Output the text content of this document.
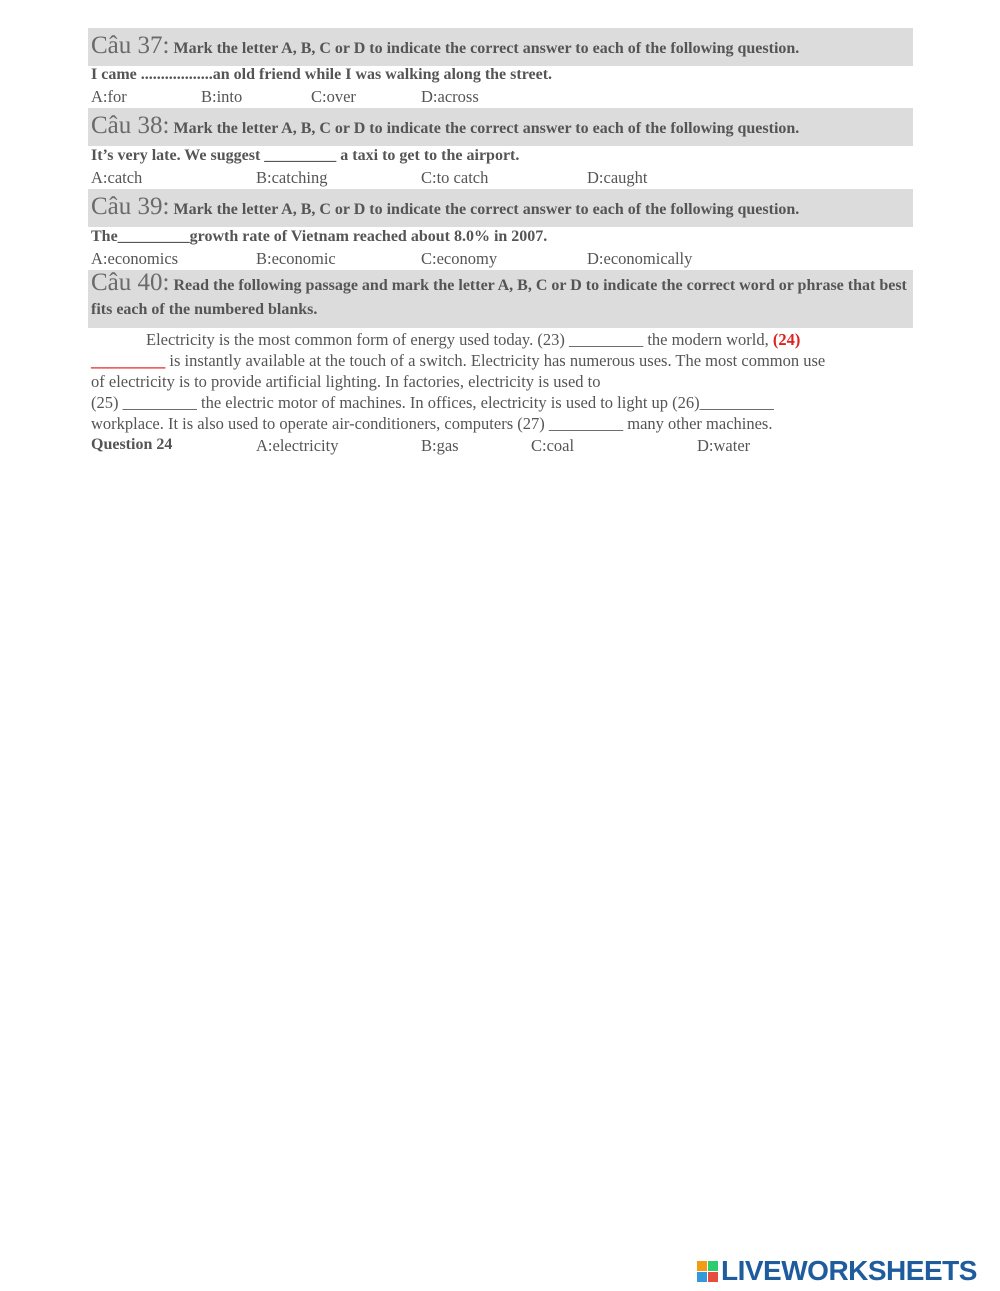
Câu 37: Mark the letter A, B, C or D to indicate the correct answer to each of the following question.
I came ..................an old friend while I was walking along the street.
A:for	B:into	C:over	D:across
Câu 38: Mark the letter A, B, C or D to indicate the correct answer to each of the following question.
It’s very late. We suggest _________ a taxi to get to the airport.
A:catch	B:catching	C:to catch	D:caught
Câu 39: Mark the letter A, B, C or D to indicate the correct answer to each of the following question.
The_________growth rate of Vietnam reached about 8.0% in 2007.
A:economics	B:economic	C:economy	D:economically
Câu 40: Read the following passage and mark the letter A, B, C or D to indicate the correct word or phrase that best fits each of the numbered blanks.
Electricity is the most common form of energy used today. (23) _________ the modern world, (24)
_________ is instantly available at the touch of a switch. Electricity has numerous uses. The most common use
of electricity is to provide artificial lighting. In factories, electricity is used to
(25) _________ the electric motor of machines. In offices, electricity is used to light up (26)_________
workplace. It is also used to operate air-conditioners, computers (27) _________ many other machines.
Question 24	A:electricity	B:gas	C:coal	D:water
LIVEWORKSHEETS
